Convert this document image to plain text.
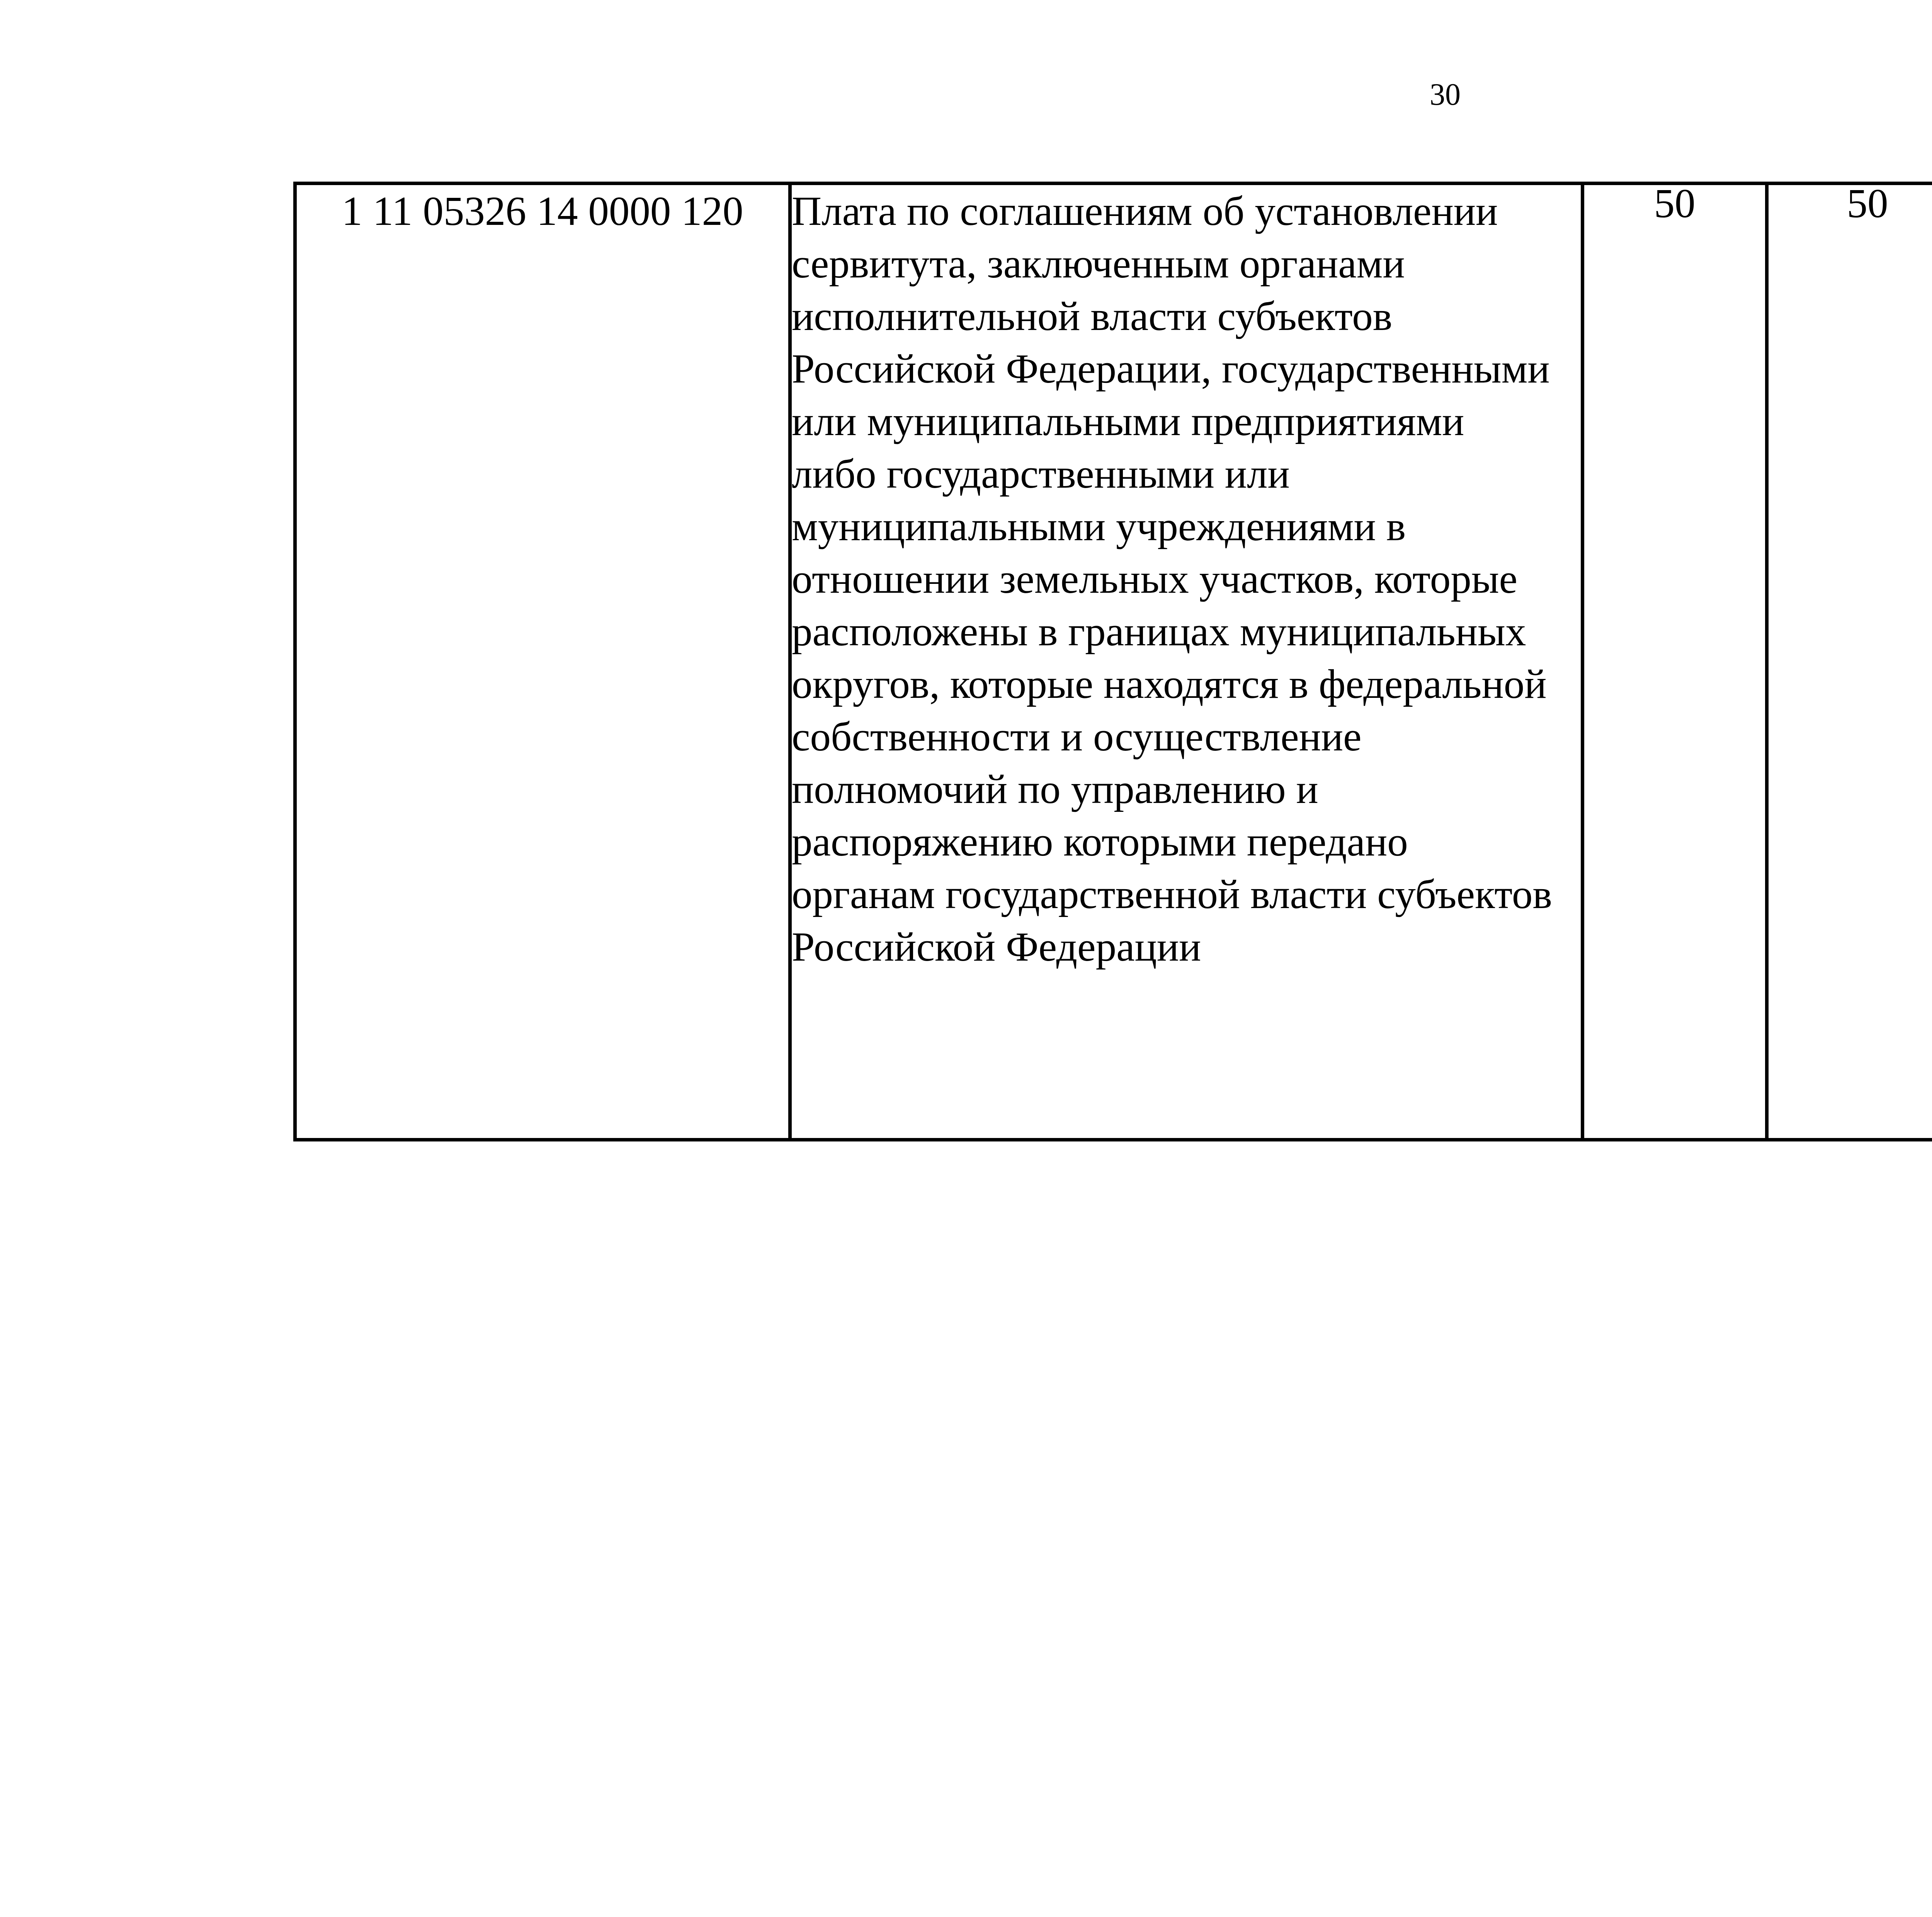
30
1 11 05326 14 0000 120	Плата по соглашениям об установлении
сервитута, заключенным органами
исполнительной власти субъектов
Российской Федерации, государственными
или муниципальными предприятиями
либо государственными или
муниципальными учреждениями в
отношении земельных участков, которые
расположены в границах муниципальных
округов, которые находятся в федеральной
собственности и осуществление
полномочий по управлению и
распоряжению которыми передано
органам государственной власти субъектов
Российской Федерации	
50	50
